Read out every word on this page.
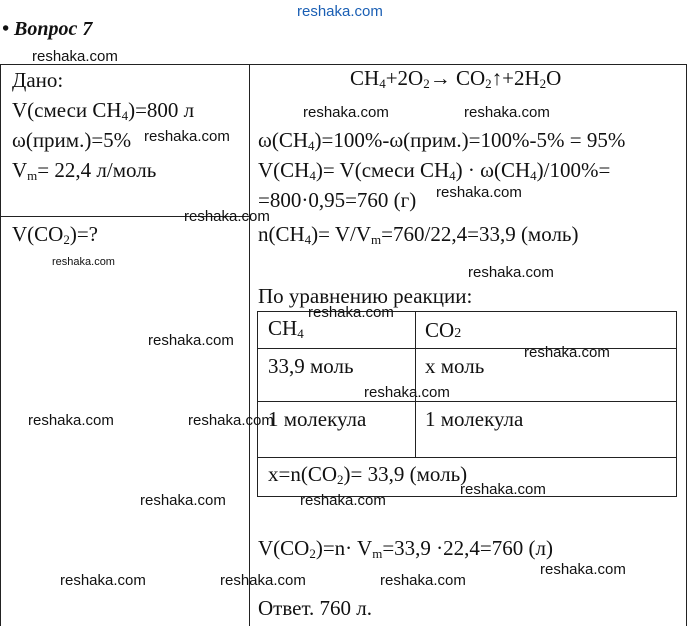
reshaka.com
• Вопрос 7
Дано:
V(смеси $CH_4)=800$ л
ω(прим.)=5%
$V_m= 22,4$ л/моль
$V(CO_2)=$?
$CH_4+2O_2\to$ $CO_2↑+2H_2O$
$\omega(CH_4)=100\%-\omega(прим.)=100\%-5\% = 95\%$
$V(CH_4)=$ V(смеси $CH_4) \cdot \omega(CH_4)/100\%=$
=800·0,95=760 (г)
$n(CH_4)= V/V_m=760/22,4=33,9$ (моль)
По уравнению реакции:
$CH_4$	CO2
33,9 моль	x моль
1 молекула	1 молекула
$x=n(CO_2)= 33,9$ (моль)
$V(CO_2)=n\cdot V_m=33,9 \cdot 22,4=760$ (л)
Ответ. 760 л.
reshaka.com
reshaka.com	reshaka.com
reshaka.com
reshaka.com
reshaka.com
reshaka.com
reshaka.com
reshaka.com
reshaka.com
reshaka.com
reshaka.com
reshaka.com	reshaka.com
reshaka.com
reshaka.com	reshaka.com
reshaka.com
reshaka.com	reshaka.com	reshaka.com
